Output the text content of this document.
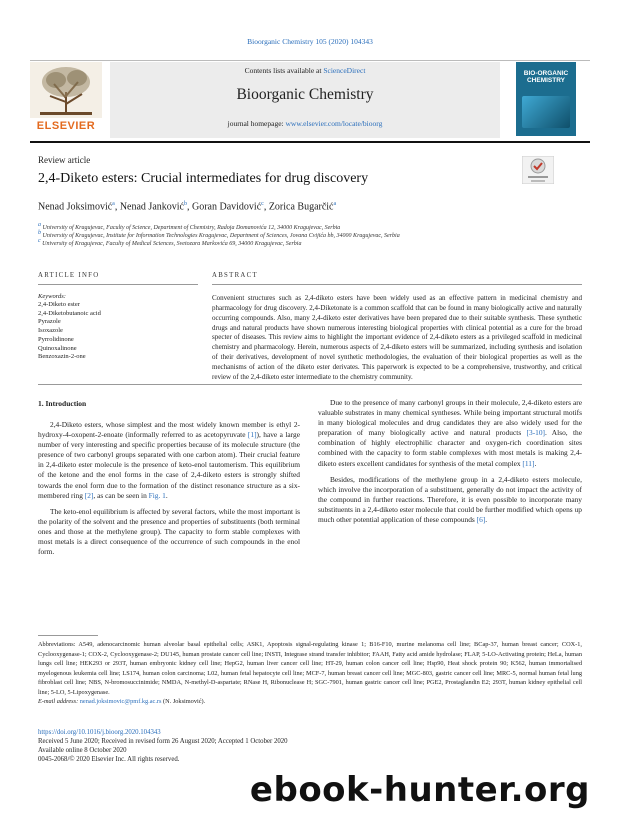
Bioorganic Chemistry 105 (2020) 104343
ELSEVIER
Contents lists available at ScienceDirect
Bioorganic Chemistry
journal homepage: www.elsevier.com/locate/bioorg
BIO-ORGANIC CHEMISTRY
Review article
2,4-Diketo esters: Crucial intermediates for drug discovery
Nenad Joksimović$^a$, Nenad Janković$^b$, Goran Davidović$^c$, Zorica Bugarčić$^a$
a University of Kragujevac, Faculty of Science, Department of Chemistry, Radoja Domanovića 12, 34000 Kragujevac, Serbia
b University of Kragujevac, Institute for Information Technologies Kragujevac, Department of Sciences, Jovana Cvijića bb, 34000 Kragujevac, Serbia
c University of Kragujevac, Faculty of Medical Sciences, Svetozara Markovića 69, 34000 Kragujevac, Serbia
ARTICLE INFO	ABSTRACT
Keywords:
2,4-Diketo ester
2,4-Diketobutanoic acid
Pyrazole
Isoxazole
Pyrrolidinone
Quinoxalinone
Benzoxazin-2-one
Convenient structures such as 2,4-diketo esters have been widely used as an effective pattern in medicinal chemistry and pharmacology for drug discovery. 2,4-Diketonate is a common scaffold that can be found in many biologically active and naturally occurring compounds. Also, many 2,4-diketo ester derivatives have been prepared due to their suitable synthesis. These synthetic drugs and natural products have shown numerous interesting biological properties with clinical potential as a cure for the broad specter of diseases. This review aims to highlight the important evidence of 2,4-diketo esters as a privileged scaffold in medicinal chemistry and pharmacology. Herein, numerous aspects of 2,4-diketo esters will be summarized, including synthesis and isolation of their derivatives, development of novel synthetic methodologies, the evaluation of their biological properties as well as the mechanisms of action of the diketo ester derivates. This paperwork is expected to be a comprehensive, trustworthy, and critical review of the 2,4-diketo ester intermediate to the chemistry community.
1. Introduction

2,4-Diketo esters, whose simplest and the most widely known member is ethyl 2-hydroxy-4-oxopent-2-enoate (informally referred to as acetopyruvate [1]), have a large number of very interesting and specific properties because of its molecule structure (the presence of two carbonyl groups separated with one carbon atom). Their crucial feature in 2,4-diketo ester molecule is the presence of keto-enol tautomerism. This equilibrium of the ketone and the enol forms in the case of 2,4-diketo esters is strongly shifted towards the enol form due to the formation of the distinct resonance structure as a six-membered ring [2], as can be seen in Fig. 1.

The keto-enol equilibrium is affected by several factors, while the most important is the polarity of the solvent and the presence and properties of substituents (both terminal ones and those at the methylene group). The capacity to form stable complexes with most metals is a direct consequence of the occurrence of such compounds in the enol form.

Due to the presence of many carbonyl groups in their molecule, 2,4-diketo esters are valuable substrates in many chemical syntheses. While being important structural motifs in many biological molecules and drug candidates they are also widely used for the preparation of many biologically active and natural products [3-10]. Also, the combination of highly electrophilic character and oxygen-rich coordination sites combined with the capacity to form stable complexes with most metals is making 2,4-diketo esters excellent candidates for synthesis of the metal complex [11].

Besides, modifications of the methylene group in a 2,4-diketo esters molecule, which involve the incorporation of a substituent, generally do not impact the activity of the compound in further reactions. Therefore, it is even possible to incorporate many substituents in a 2,4-diketo ester molecule that could be further modified which opens up much other potential application of these compounds [6].

Abbreviations: A549, adenocarcinomic human alveolar basal epithelial cells; ASK1, Apoptosis signal-regulating kinase 1; B16-F10, murine melanoma cell line; BCap-37, human breast cancer; COX-1, Cyclooxygenase-1; COX-2, Cyclooxygenase-2; DU145, human prostate cancer cell line; INSTI, Integrase strand transfer inhibitor; FAAH, Fatty acid amide hydrolase; FLAP, 5-LO-Activating protein; HeLa, human lungs cell line; HEK293 or 293T, human embryonic kidney cell line; HepG2, human liver cancer cell line; HT-29, human colon cancer cell line; Hsp90, Heat shock protein 90; K562, human immortalised myelogenous leukemia cell line; LS174, human colon carcinoma; L02, human fetal hepatocyte cell line; MCF-7, human breast cancer cell line; MGC-803, gastric cancer cell line; MRC-5, normal human fetal lung fibroblast cell line; NBS, N-bromosuccinimide; NMDA, N-methyl-D-aspartate; RNase H, Ribonuclease H; SGC-7901, human gastric cancer cell line; PGE2, Prostaglandin E2; 293T, human kidney epithelial cell line; 5-LO, 5-Lipoxygenase.
E-mail address: nenad.joksimovic@pmf.kg.ac.rs (N. Joksimović).
https://doi.org/10.1016/j.bioorg.2020.104343
Received 5 June 2020; Received in revised form 26 August 2020; Accepted 1 October 2020
Available online 8 October 2020
0045-2068/© 2020 Elsevier Inc. All rights reserved.
ebook-hunter.org
